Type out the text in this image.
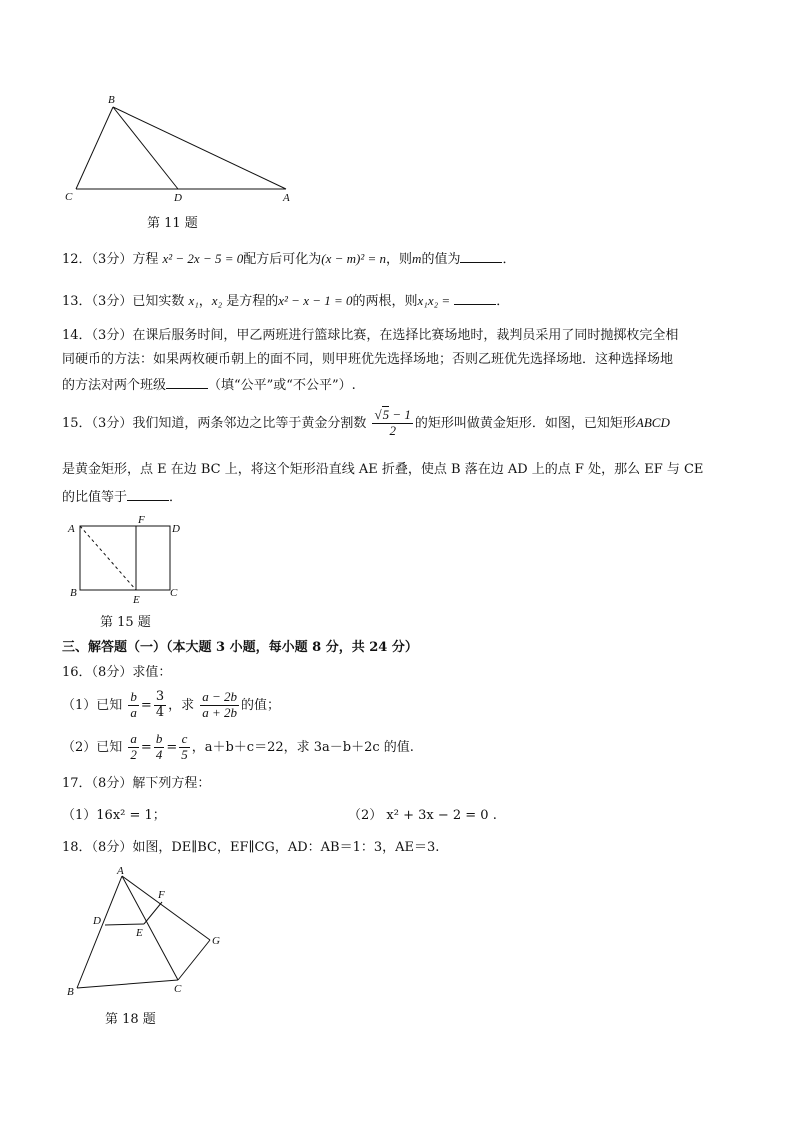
B
C	D	A
第 11 题
12．（3分）方程 x² − 2x − 5 = 0配方后可化为(x − m)² = n，则m的值为	．
13．（3分）已知实数 x₁，x₂ 是方程的x² − x − 1 = 0的两根，则x₁x₂ =	．
14．（3分）在课后服务时间，甲乙两班进行篮球比赛，在选择比赛场地时，裁判员采用了同时抛掷枚完全相
同硬币的方法：如果两枚硬币朝上的面不同，则甲班优先选择场地；否则乙班优先选择场地．这种选择场地
的方法对两个班级	（填“公平”或“不公平”）.
15．（3分）我们知道，两条邻边之比等于黄金分割数 $\frac{√5 - 1}{2}$ 的矩形叫做黄金矩形．如图，已知矩形ABCD
是黄金矩形，点 E 在边 BC 上，将这个矩形沿直线 AE 折叠，使点 B 落在边 AD 上的点 F 处，那么 EF 与 CE
的比值等于	．
A
F
D
B
E
C
第 15 题
三、解答题（一）（本大题 3 小题，每小题 8 分，共 24 分）
16．（8分）求值：
（1）已知 $\frac{b}{a} = \frac{3}{4}$ ，求 $\frac{a - 2b}{a + 2b}$ 的值；
（2）已知 $\frac{a}{2} = \frac{b}{4} = \frac{c}{5}$ ，a＋b＋c＝22，求 3a－b＋2c 的值.
17．（8分）解下列方程：
（1）16x² = 1；	（2） x² + 3x − 2 = 0 .
18．（8分）如图，DE∥BC，EF∥CG，AD：AB＝1：3，AE＝3.
A
F
D
E
G
B	C
第 18 题
